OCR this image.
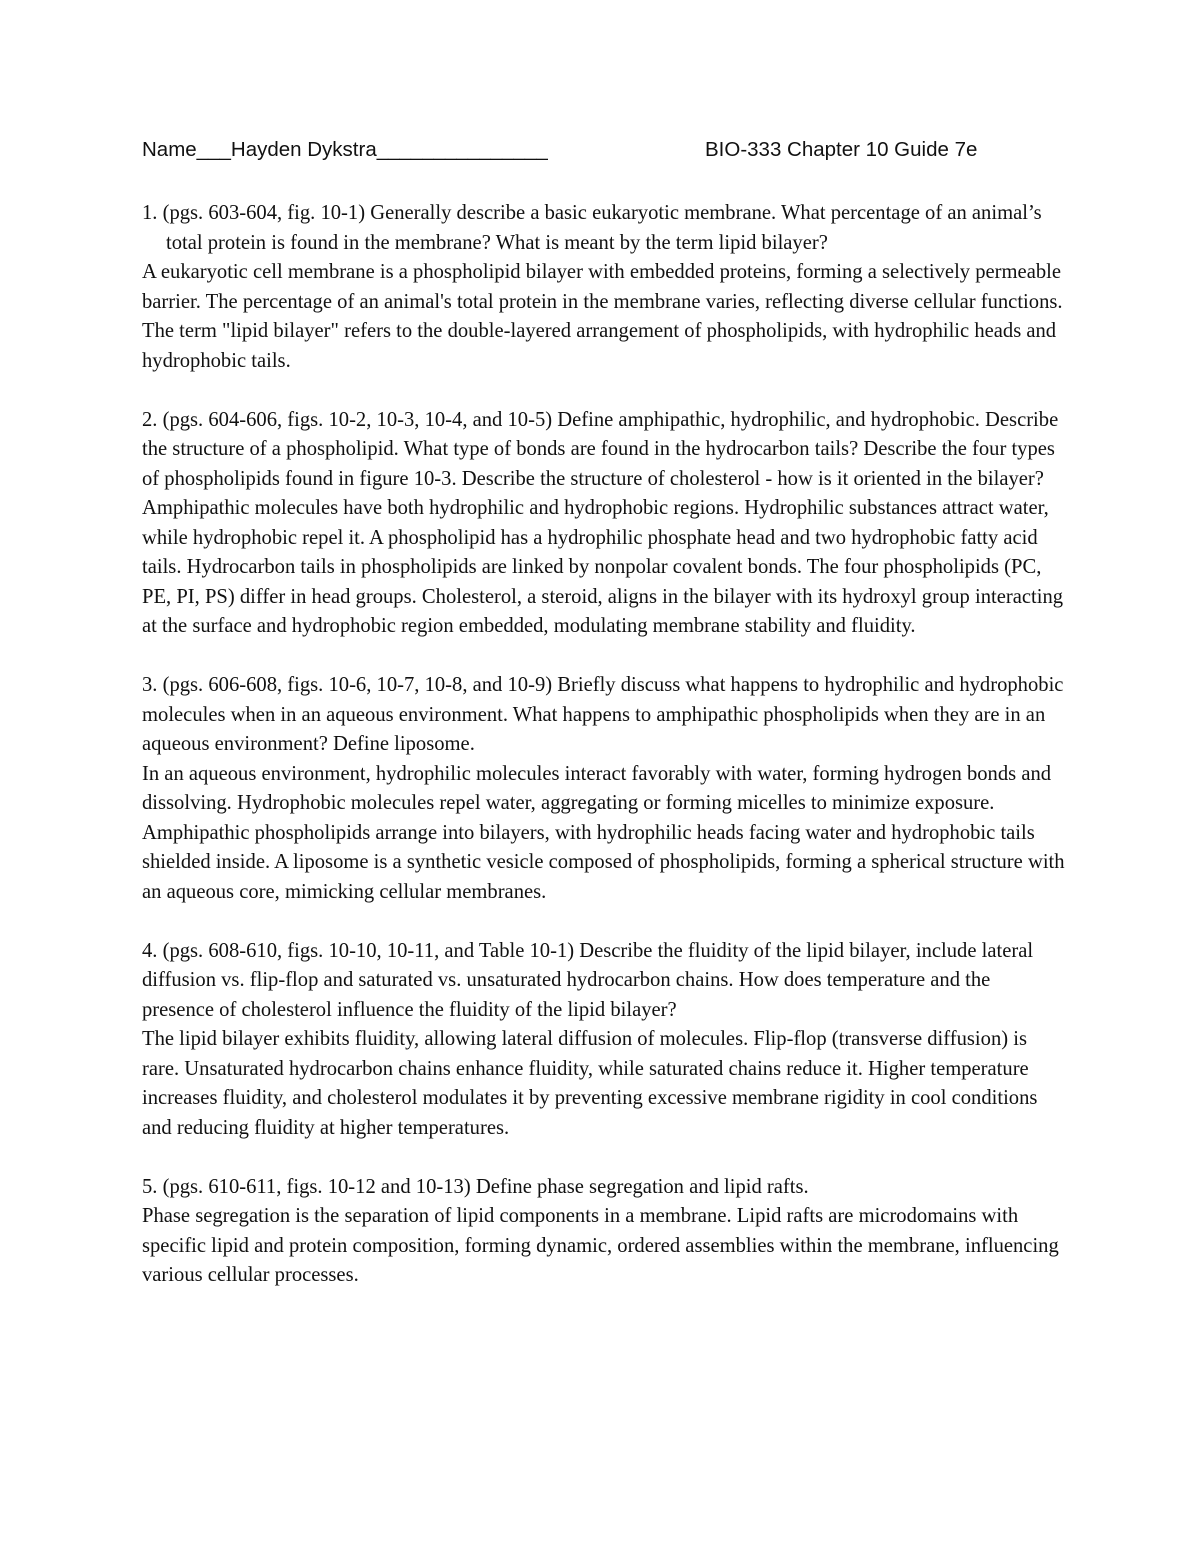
Name___Hayden Dykstra_______________	BIO-333 Chapter 10 Guide 7e

1. (pgs. 603-604, fig. 10-1) Generally describe a basic eukaryotic membrane. What percentage of an animal’s total protein is found in the membrane? What is meant by the term lipid bilayer?

A eukaryotic cell membrane is a phospholipid bilayer with embedded proteins, forming a selectively permeable barrier. The percentage of an animal's total protein in the membrane varies, reflecting diverse cellular functions. The term "lipid bilayer" refers to the double-layered arrangement of phospholipids, with hydrophilic heads and hydrophobic tails.

2. (pgs. 604-606, figs. 10-2, 10-3, 10-4, and 10-5) Define amphipathic, hydrophilic, and hydrophobic. Describe the structure of a phospholipid. What type of bonds are found in the hydrocarbon tails? Describe the four types of phospholipids found in figure 10-3. Describe the structure of cholesterol - how is it oriented in the bilayer?

Amphipathic molecules have both hydrophilic and hydrophobic regions. Hydrophilic substances attract water, while hydrophobic repel it. A phospholipid has a hydrophilic phosphate head and two hydrophobic fatty acid tails. Hydrocarbon tails in phospholipids are linked by nonpolar covalent bonds. The four phospholipids (PC, PE, PI, PS) differ in head groups. Cholesterol, a steroid, aligns in the bilayer with its hydroxyl group interacting at the surface and hydrophobic region embedded, modulating membrane stability and fluidity.

3. (pgs. 606-608, figs. 10-6, 10-7, 10-8, and 10-9) Briefly discuss what happens to hydrophilic and hydrophobic molecules when in an aqueous environment. What happens to amphipathic phospholipids when they are in an aqueous environment? Define liposome.

In an aqueous environment, hydrophilic molecules interact favorably with water, forming hydrogen bonds and dissolving. Hydrophobic molecules repel water, aggregating or forming micelles to minimize exposure. Amphipathic phospholipids arrange into bilayers, with hydrophilic heads facing water and hydrophobic tails shielded inside. A liposome is a synthetic vesicle composed of phospholipids, forming a spherical structure with an aqueous core, mimicking cellular membranes.

4. (pgs. 608-610, figs. 10-10, 10-11, and Table 10-1) Describe the fluidity of the lipid bilayer, include lateral diffusion vs. flip-flop and saturated vs. unsaturated hydrocarbon chains. How does temperature and the presence of cholesterol influence the fluidity of the lipid bilayer?

The lipid bilayer exhibits fluidity, allowing lateral diffusion of molecules. Flip-flop (transverse diffusion) is rare. Unsaturated hydrocarbon chains enhance fluidity, while saturated chains reduce it. Higher temperature increases fluidity, and cholesterol modulates it by preventing excessive membrane rigidity in cool conditions and reducing fluidity at higher temperatures.

5. (pgs. 610-611, figs. 10-12 and 10-13) Define phase segregation and lipid rafts.

Phase segregation is the separation of lipid components in a membrane. Lipid rafts are microdomains with specific lipid and protein composition, forming dynamic, ordered assemblies within the membrane, influencing various cellular processes.
